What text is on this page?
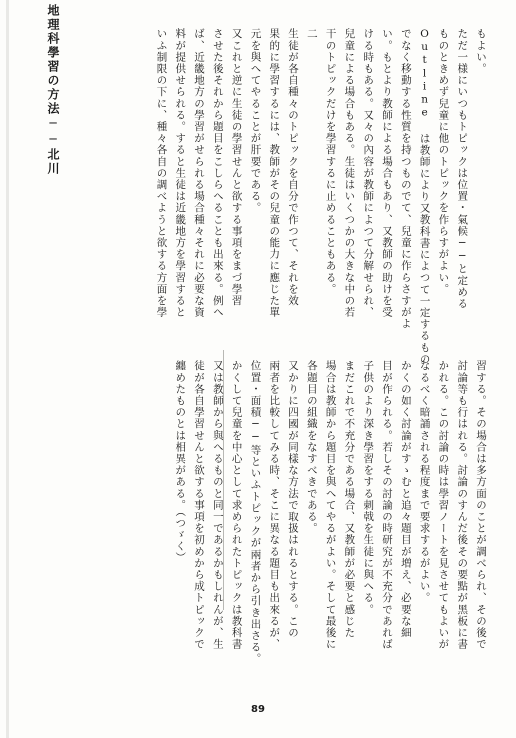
地理科學習の方法──北川	もよい。

ただ一様にいつもトピックは位置・氣候──と定める

ものときめず兒童に他のトピックを作らすがよい。

Outline は教師により又教科書によつて一定するもの

でなく移動する性質を持つものでて、兒童に作らさすがよ

い。もとより教師による場合もあり、又教師の助けを受

ける時もある。又々の內容が教師によつて分解せられ、

兒童による場合もある。生徒はいくつかの大きな中の若

干のトピックだけを學習するに止めることもある。

二

生徒が各自種々のトピックを自分で作つて、それを效

果的に學習するには、教師がその兒童の能力に應じた單

元を與へてやることが肝要である。

又これと逆に生徒の學習せんと欲する事項をまづ學習

させた後それから題目をこしらへることも出來る。例へ

ば、近畿地方の學習がせられる場合種々それに必要な資

料が提供せられる。すると生徒は近畿地方を學習すると

いふ制限の下に、種々各自の調べようと欲する方面を學

習する。その場合は多方面のことが調べられ、その後で

討論等も行はれる。討論のすんだ後その要點が黑板に書

かれる。この討論の時は學習ノートを見させてもよいが

なるべく暗誦される程度まで要求するがよい。

かくの如く討論がすゝむと追々題目が増え、必要な細

目が作られる。若しその討論の時研究が不充分であれば

子供のより深き學習をする刺戟を生徒に與へる。

まだこれで不充分である場合、又教師が必要と感じた

場合は教師から題目を與へてやるがよい。そして最後に

各題目の組織をなすべきである。

又かりに四國が同樣な方法で取扱はれるとする。この

兩者を比較してみる時、そこに異なる題目も出來るが、

位置・面積──等といふトピックが兩者から引き出さる。

かくして兒童を中心として求められたトピックは教科書

又は教師から與へるものと同一であるかもしれんが、生

徒が各自學習せんと欲する事項を初めから成トピックで

纏めたものとは相異がある。（つゞく）

89
